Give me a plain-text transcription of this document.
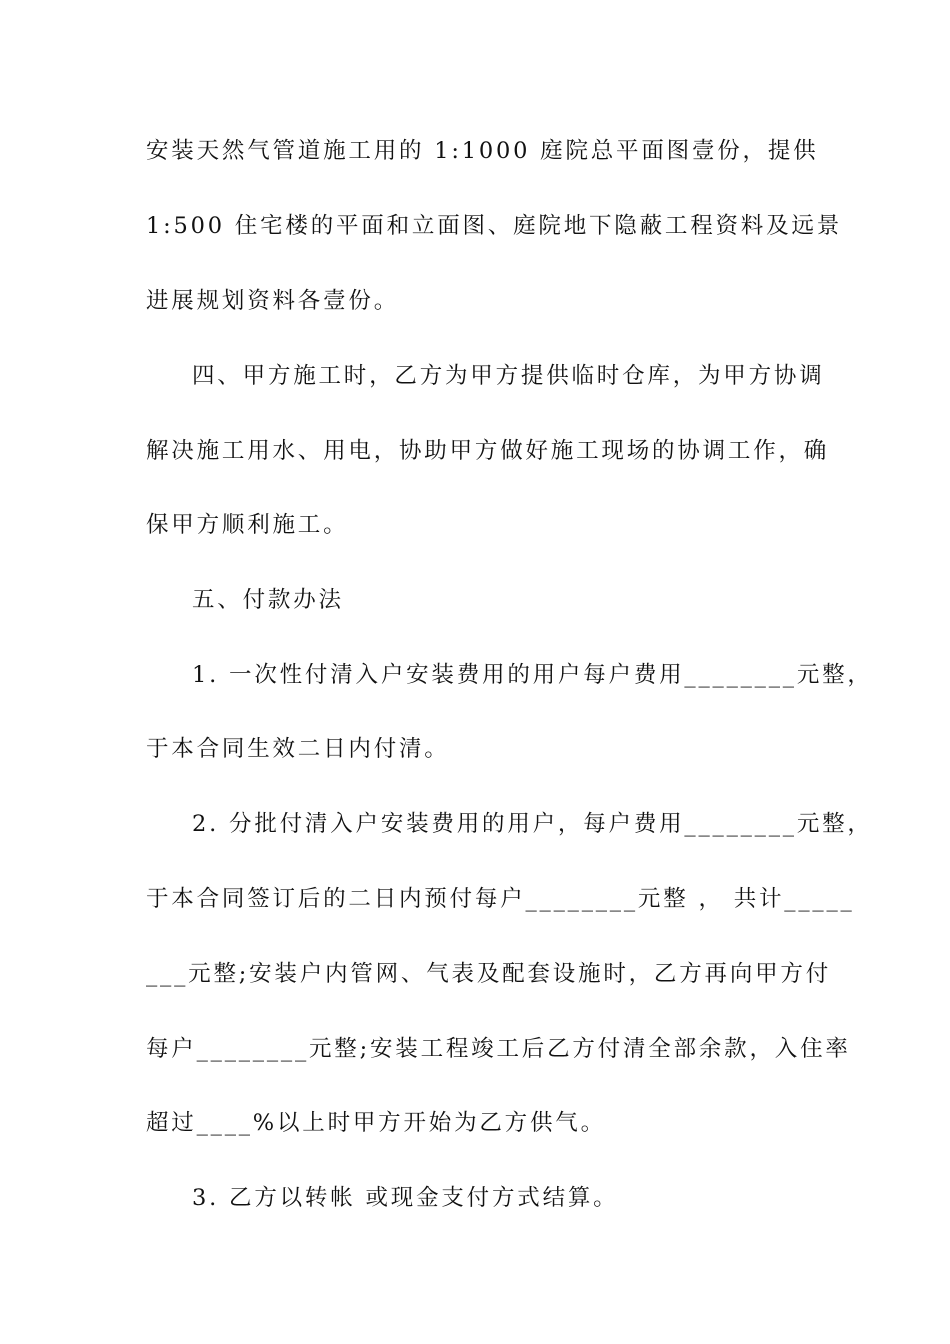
安装天然气管道施工用的 1:1000 庭院总平面图壹份，提供
1:500 住宅楼的平面和立面图、庭院地下隐蔽工程资料及远景
进展规划资料各壹份。
四、甲方施工时，乙方为甲方提供临时仓库，为甲方协调
解决施工用水、用电，协助甲方做好施工现场的协调工作，确
保甲方顺利施工。
五、付款办法
1. 一次性付清入户安装费用的用户每户费用________元整，
于本合同生效二日内付清。
2. 分批付清入户安装费用的用户，每户费用________元整，
于本合同签订后的二日内预付每户________元整 ， 共计_____
___元整;安装户内管网、气表及配套设施时，乙方再向甲方付
每户________元整;安装工程竣工后乙方付清全部余款，入住率
超过____%以上时甲方开始为乙方供气。
3. 乙方以转帐 或现金支付方式结算。
